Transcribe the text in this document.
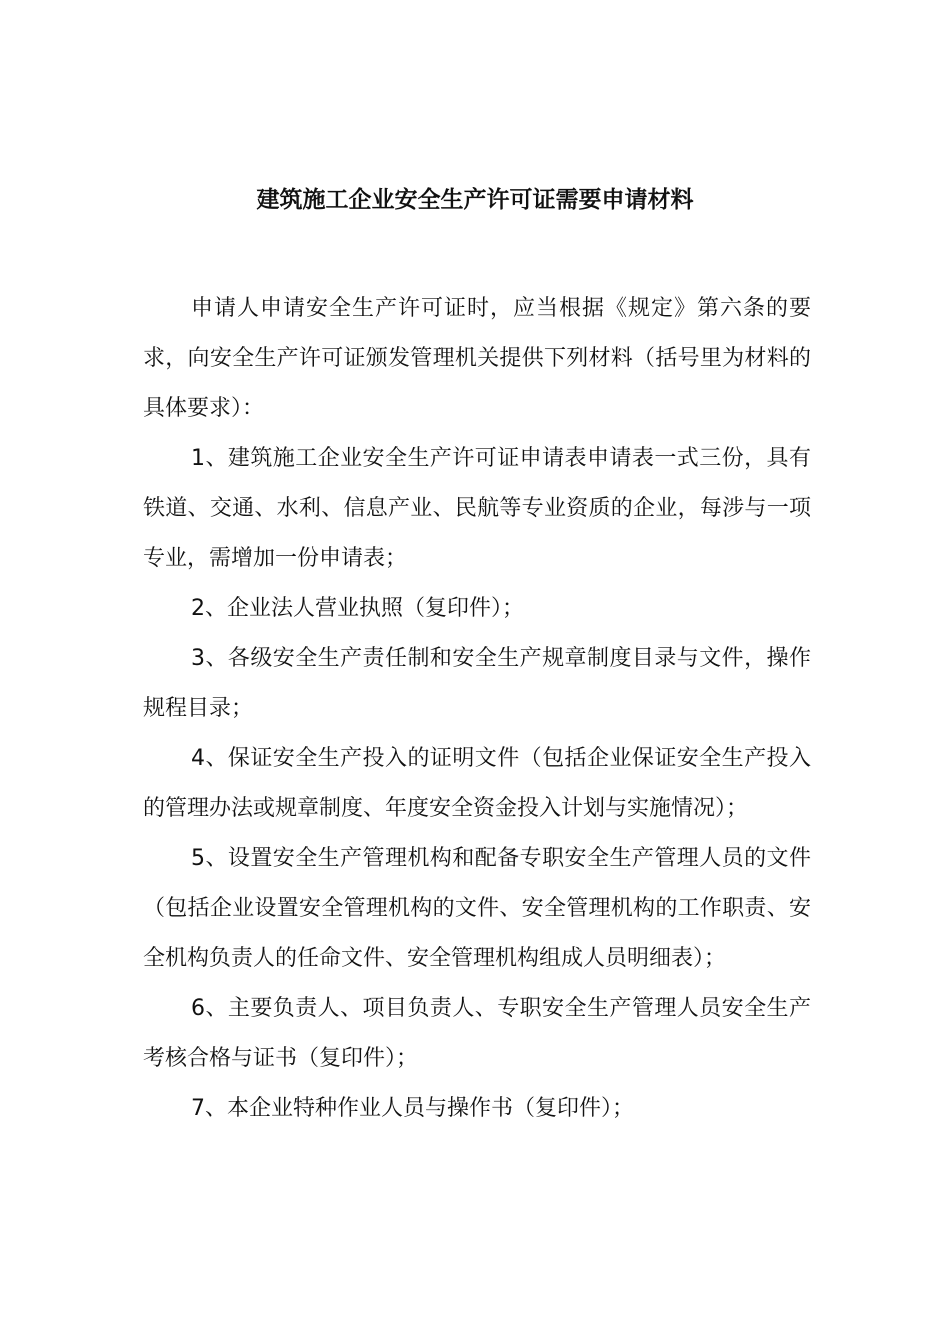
建筑施工企业安全生产许可证需要申请材料

申请人申请安全生产许可证时，应当根据《规定》第六条的要求，向安全生产许可证颁发管理机关提供下列材料（括号里为材料的具体要求）：

1、建筑施工企业安全生产许可证申请表申请表一式三份，具有铁道、交通、水利、信息产业、民航等专业资质的企业，每涉与一项专业，需增加一份申请表；

2、企业法人营业执照（复印件）；

3、各级安全生产责任制和安全生产规章制度目录与文件，操作规程目录；

4、保证安全生产投入的证明文件（包括企业保证安全生产投入的管理办法或规章制度、年度安全资金投入计划与实施情况）；

5、设置安全生产管理机构和配备专职安全生产管理人员的文件（包括企业设置安全管理机构的文件、安全管理机构的工作职责、安全机构负责人的任命文件、安全管理机构组成人员明细表）；

6、主要负责人、项目负责人、专职安全生产管理人员安全生产考核合格与证书（复印件）；

7、本企业特种作业人员与操作书（复印件）；
